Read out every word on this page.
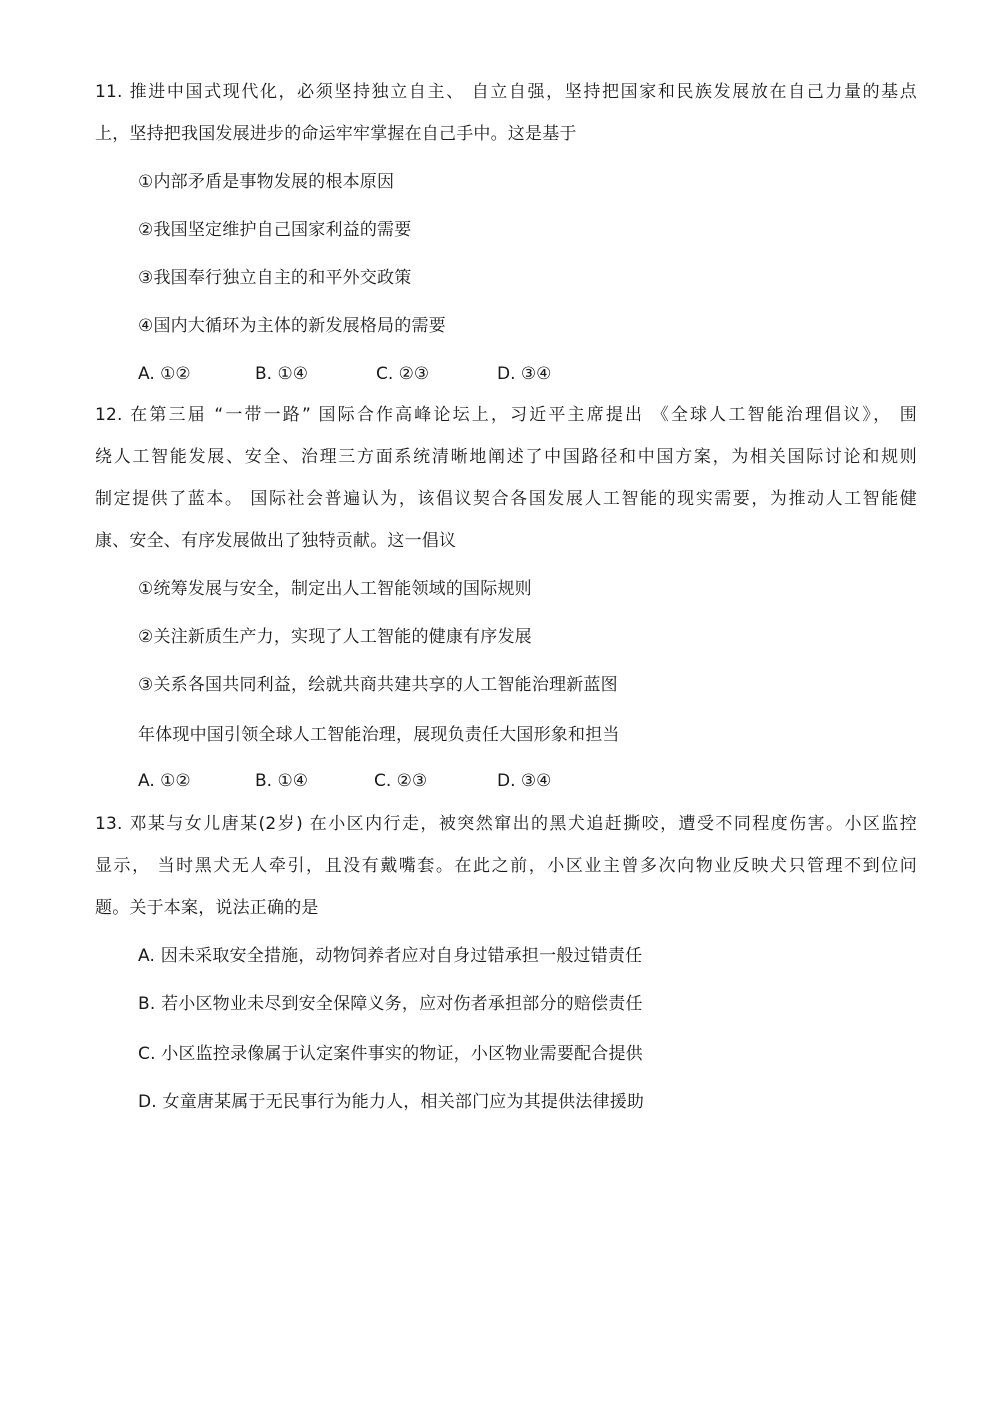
11. 推进中国式现代化，必须坚持独立自主、 自立自强，坚持把国家和民族发展放在自己力量的基点
上，坚持把我国发展进步的命运牢牢掌握在自己手中。这是基于
①内部矛盾是事物发展的根本原因
②我国坚定维护自己国家利益的需要
③我国奉行独立自主的和平外交政策
④国内大循环为主体的新发展格局的需要
A. ①②	B. ①④	C. ②③	D. ③④
12. 在第三届 “一带一路” 国际合作高峰论坛上，习近平主席提出 《全球人工智能治理倡议》， 围
绕人工智能发展、安全、治理三方面系统清晰地阐述了中国路径和中国方案，为相关国际讨论和规则
制定提供了蓝本。 国际社会普遍认为，该倡议契合各国发展人工智能的现实需要，为推动人工智能健
康、安全、有序发展做出了独特贡献。这一倡议
①统筹发展与安全，制定出人工智能领域的国际规则
②关注新质生产力，实现了人工智能的健康有序发展
③关系各国共同利益，绘就共商共建共享的人工智能治理新蓝图
年体现中国引领全球人工智能治理，展现负责任大国形象和担当
A. ①②	B. ①④	C. ②③	D. ③④
13. 邓某与女儿唐某(2岁) 在小区内行走，被突然窜出的黑犬追赶撕咬，遭受不同程度伤害。小区监控
显示， 当时黑犬无人牵引，且没有戴嘴套。在此之前，小区业主曾多次向物业反映犬只管理不到位问
题。关于本案，说法正确的是
A. 因未采取安全措施，动物饲养者应对自身过错承担一般过错责任
B. 若小区物业未尽到安全保障义务，应对伤者承担部分的赔偿责任
C. 小区监控录像属于认定案件事实的物证，小区物业需要配合提供
D. 女童唐某属于无民事行为能力人，相关部门应为其提供法律援助
